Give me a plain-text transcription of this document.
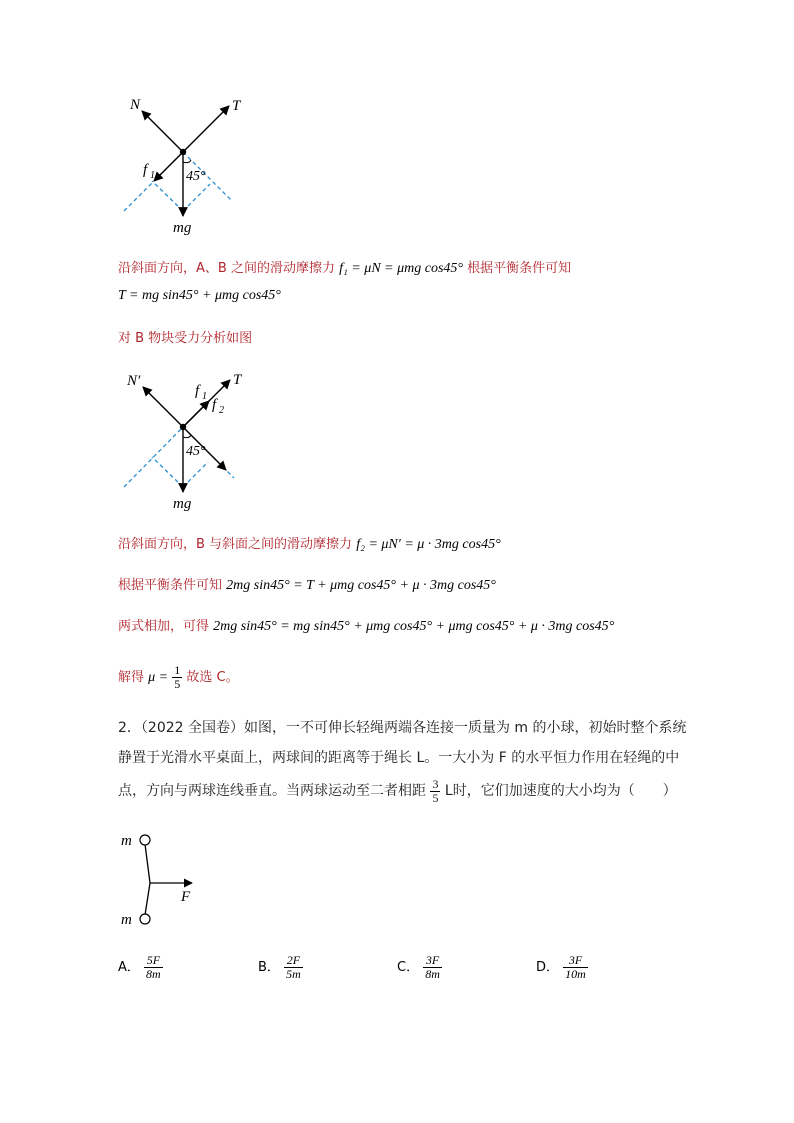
N	T
f 1 45°
mg
沿斜面方向，A、B 之间的滑动摩擦力 f₁ = μN = μmg cos45° 根据平衡条件可知
T = mg sin45° + μmg cos45°
对 B 物块受力分析如图
N′	T
f 1
f 2
45°
mg
沿斜面方向，B 与斜面之间的滑动摩擦力 f₂ = μN′ = μ · 3mg cos45°
根据平衡条件可知 2mg sin45° = T + μmg cos45° + μ · 3mg cos45°
两式相加，可得 2mg sin45° = mg sin45° + μmg cos45° + μmg cos45° + μ · 3mg cos45°
解得 $\mu = \frac{1}{5}$ 故选 C。
2．（2022 全国卷）如图，一不可伸长轻绳两端各连接一质量为 m 的小球，初始时整个系统
静置于光滑水平桌面上，两球间的距离等于绳长 L。一大小为 F 的水平恒力作用在轻绳的中
点，方向与两球连线垂直。当两球运动至二者相距 $\frac{3}{5}$ L时，它们加速度的大小均为（　　）
m
m
F
A． $\frac{5F}{8m}$	B． $\frac{2F}{5m}$	C． $\frac{3F}{8m}$	D． $\frac{3F}{10m}$
